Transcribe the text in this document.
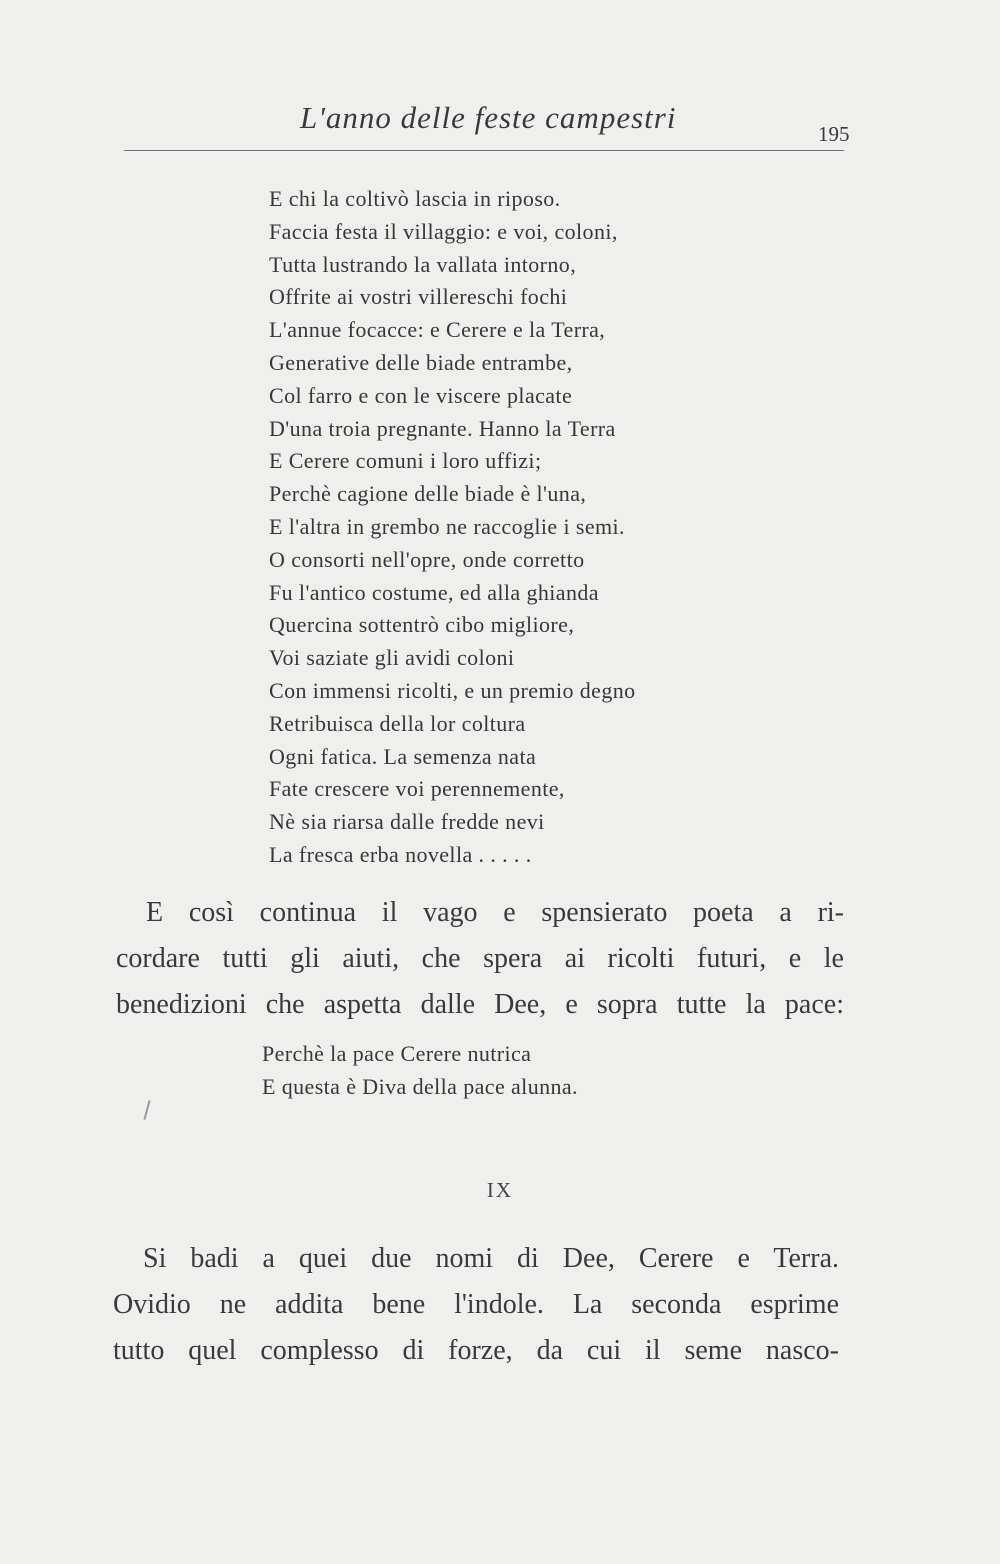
L'anno delle feste campestri	195
E chi la coltivò lascia in riposo.
Faccia festa il villaggio: e voi, coloni,
Tutta lustrando la vallata intorno,
Offrite ai vostri villereschi fochi
L'annue focacce: e Cerere e la Terra,
Generative delle biade entrambe,
Col farro e con le viscere placate
D'una troia pregnante. Hanno la Terra
E Cerere comuni i loro uffizi;
Perchè cagione delle biade è l'una,
E l'altra in grembo ne raccoglie i semi.
O consorti nell'opre, onde corretto
Fu l'antico costume, ed alla ghianda
Quercina sottentrò cibo migliore,
Voi saziate gli avidi coloni
Con immensi ricolti, e un premio degno
Retribuisca della lor coltura
Ogni fatica. La semenza nata
Fate crescere voi perennemente,
Nè sia riarsa dalle fredde nevi
La fresca erba novella . . . . .
E così continua il vago e spensierato poeta a ri-
cordare tutti gli aiuti, che spera ai ricolti futuri, e le
benedizioni che aspetta dalle Dee, e sopra tutte la pace:
Perchè la pace Cerere nutrica
E questa è Diva della pace alunna.
IX
Si badi a quei due nomi di Dee, Cerere e Terra.
Ovidio ne addita bene l'indole. La seconda esprime
tutto quel complesso di forze, da cui il seme nasco-
